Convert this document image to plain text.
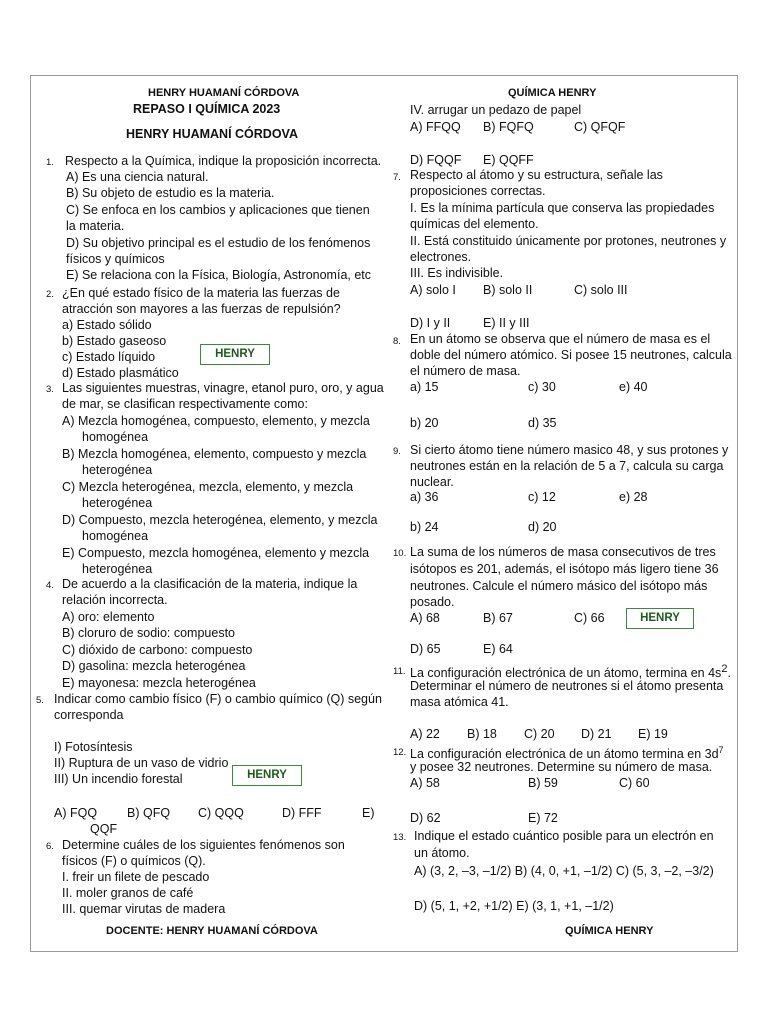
HENRY HUAMANÍ CÓRDOVA
REPASO I QUÍMICA 2023
HENRY HUAMANÍ CÓRDOVA
QUÍMICA HENRY
1. Respecto a la Química, indique la proposición incorrecta.
A) Es una ciencia natural.
B) Su objeto de estudio es la materia.
C) Se enfoca en los cambios y aplicaciones que tienen
la materia.
D) Su objetivo principal es el estudio de los fenómenos
físicos y químicos
E) Se relaciona con la Física, Biología, Astronomía, etc
2. ¿En qué estado físico de la materia las fuerzas de
atracción son mayores a las fuerzas de repulsión?
a) Estado sólido
b) Estado gaseoso
c) Estado líquido
d) Estado plasmático
HENRY
3. Las siguientes muestras, vinagre, etanol puro, oro, y agua
de mar, se clasifican respectivamente como:
A) Mezcla homogénea, compuesto, elemento, y mezcla
homogénea
B) Mezcla homogénea, elemento, compuesto y mezcla
heterogénea
C) Mezcla heterogénea, mezcla, elemento, y mezcla
heterogénea
D) Compuesto, mezcla heterogénea, elemento, y mezcla
homogénea
E) Compuesto, mezcla homogénea, elemento y mezcla
heterogénea
4. De acuerdo a la clasificación de la materia, indique la
relación incorrecta.
A) oro: elemento
B) cloruro de sodio: compuesto
C) dióxido de carbono: compuesto
D) gasolina: mezcla heterogénea
E) mayonesa: mezcla heterogénea
5. Indicar como cambio físico (F) o cambio químico (Q) según
corresponda
I) Fotosíntesis
II) Ruptura de un vaso de vidrio
III) Un incendio forestal	HENRY
A) FQQ B) QFQ C) QQQ	D) FFF	E)
QQF
6. Determine cuáles de los siguientes fenómenos son
físicos (F) o químicos (Q).
I. freir un filete de pescado
II. moler granos de café
III. quemar virutas de madera
DOCENTE: HENRY HUAMANÍ CÓRDOVA	QUÍMICA HENRY
IV. arrugar un pedazo de papel
A) FFQQ B) FQFQ	C) QFQF
D) FQQF E) QQFF
7. Respecto al átomo y su estructura, señale las
proposiciones correctas.
I. Es la mínima partícula que conserva las propiedades
químicas del elemento.
II. Está constituido únicamente por protones, neutrones y
electrones.
III. Es indivisible.
A) solo I B) solo II	C) solo III
D) I y II	E) II y III
8. En un átomo se observa que el número de masa es el
doble del número atómico. Si posee 15 neutrones, calcula
el número de masa.
a) 15	c) 30	e) 40
b) 20	d) 35
9. Si cierto átomo tiene número masico 48, y sus protones y
neutrones están en la relación de 5 a 7, calcula su carga
nuclear.
a) 36	c) 12	e) 28
b) 24	d) 20
10. La suma de los números de masa consecutivos de tres
isótopos es 201, además, el isótopo más ligero tiene 36
neutrones. Calcule el número másico del isótopo más
posado.
A) 68	B) 67	C) 66	HENRY
D) 65	E) 64
11. La configuración electrónica de un átomo, termina en $4s^2$.
Determinar el número de neutrones si el átomo presenta
masa atómica 41.
A) 22 B) 18 C) 20 D) 21 E) 19
12. La configuración electrónica de un átomo termina en $3d^7$
y posee 32 neutrones. Determine su número de masa.
A) 58	B) 59	C) 60
D) 62	E) 72
13. Indique el estado cuántico posible para un electrón en
un átomo.
A) (3, 2, –3, –1/2) B) (4, 0, +1, –1/2) C) (5, 3, –2, –3/2)
D) (5, 1, +2, +1/2) E) (3, 1, +1, –1/2)
